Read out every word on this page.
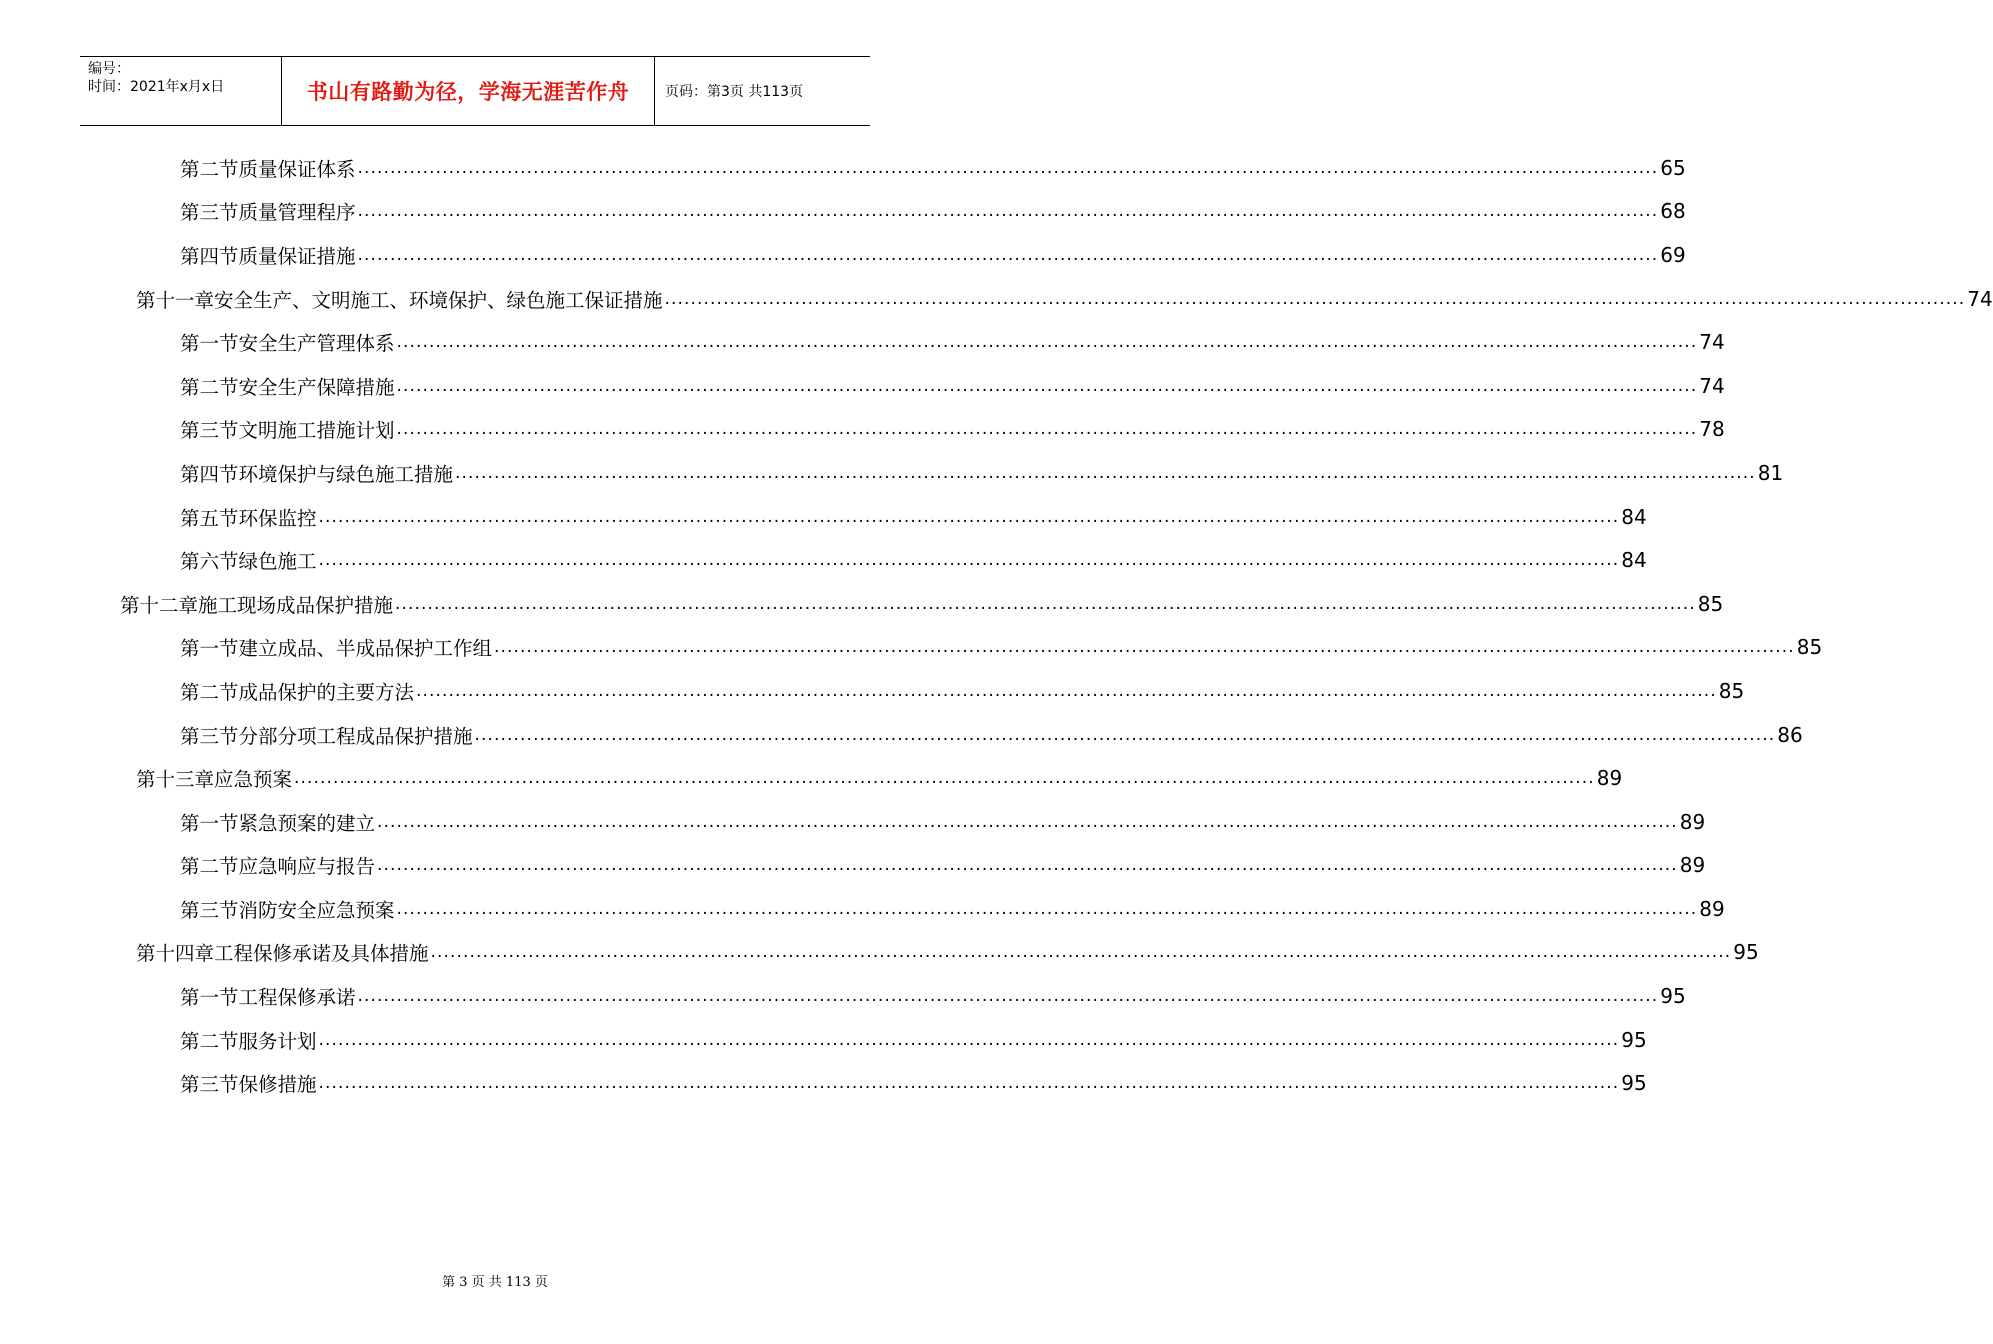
编号：
时间：2021年x月x日	书山有路勤为径，学海无涯苦作舟	页码：第3页 共113页
第二节 质量保证体系 ........................................................................................................................................................................................................ 65
第三节 质量管理程序 ........................................................................................................................................................................................................ 68
第四节 质量保证措施 ........................................................................................................................................................................................................ 69
第十一章 安全生产、文明施工、环境保护、绿色施工保证措施 ........................................................................................................................................................................................................ 74
第一节 安全生产管理体系 ........................................................................................................................................................................................................ 74
第二节 安全生产保障措施 ........................................................................................................................................................................................................ 74
第三节 文明施工措施计划 ........................................................................................................................................................................................................ 78
第四节 环境保护与绿色施工措施 ........................................................................................................................................................................................................ 81
第五节 环保监控 ........................................................................................................................................................................................................ 84
第六节 绿色施工 ........................................................................................................................................................................................................ 84
第十二章 施工现场成品保护措施 ........................................................................................................................................................................................................ 85
第一节 建立成品、半成品保护工作组 ........................................................................................................................................................................................................ 85
第二节 成品保护的主要方法 ........................................................................................................................................................................................................ 85
第三节 分部分项工程成品保护措施 ........................................................................................................................................................................................................ 86
第十三章 应急预案 ........................................................................................................................................................................................................ 89
第一节 紧急预案的建立 ........................................................................................................................................................................................................ 89
第二节 应急响应与报告 ........................................................................................................................................................................................................ 89
第三节 消防安全应急预案 ........................................................................................................................................................................................................ 89
第十四章 工程保修承诺及具体措施 ........................................................................................................................................................................................................ 95
第一节 工程保修承诺 ........................................................................................................................................................................................................ 95
第二节 服务计划 ........................................................................................................................................................................................................ 95
第三节 保修措施 ........................................................................................................................................................................................................ 95
第 3 页 共 113 页
